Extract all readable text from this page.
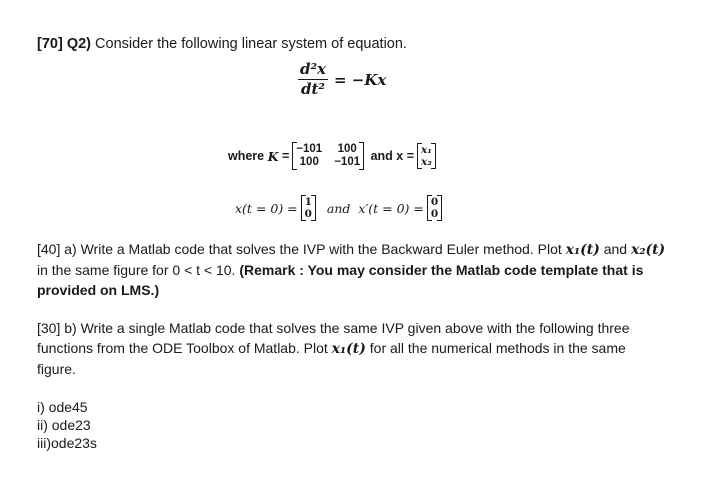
[70] Q2) Consider the following linear system of equation.
$\frac{\text{d²x}}{\text{dt²}} = -Kx$
where
K
= −101 100
100 −101
and x = x₁
x₂
x(t = 0) = 1
0
and
x′(t = 0) = 0
0
[40] a) Write a Matlab code that solves the IVP with the Backward Euler method. Plot x₁(t) and x₂(t) in the same figure for 0 < t < 10. (Remark : You may consider the Matlab code template that is provided on LMS.)
[30] b) Write a single Matlab code that solves the same IVP given above with the following three functions from the ODE Toolbox of Matlab. Plot x₁(t) for all the numerical methods in the same figure.
i) ode45
ii) ode23
iii)ode23s
